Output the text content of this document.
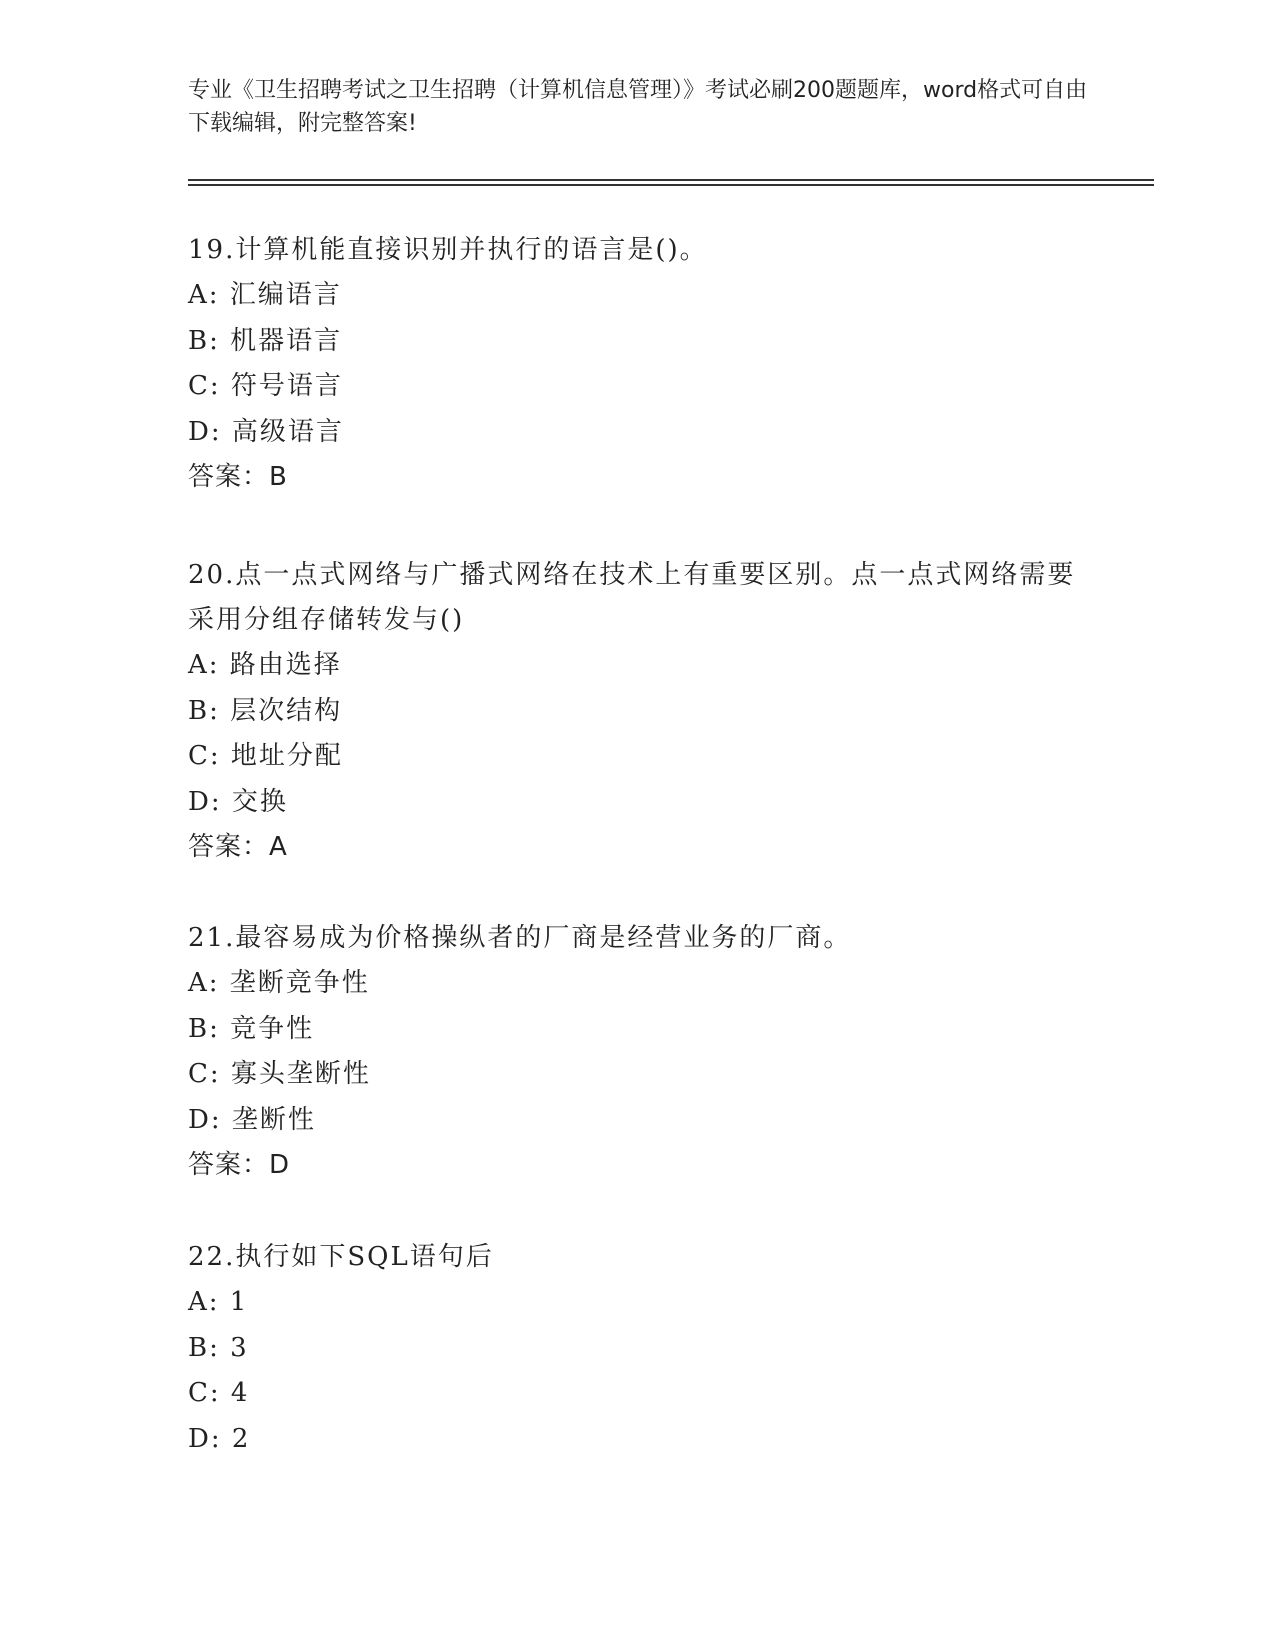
专业《卫生招聘考试之卫生招聘（计算机信息管理）》考试必刷200题题库，word格式可自由下载编辑，附完整答案!
19.计算机能直接识别并执行的语言是()。
A: 汇编语言
B: 机器语言
C: 符号语言
D: 高级语言
答案：B
20.点一点式网络与广播式网络在技术上有重要区别。点一点式网络需要采用分组存储转发与()
A: 路由选择
B: 层次结构
C: 地址分配
D: 交换
答案：A
21.最容易成为价格操纵者的厂商是经营业务的厂商。
A: 垄断竞争性
B: 竞争性
C: 寡头垄断性
D: 垄断性
答案：D
22.执行如下SQL语句后
A: 1
B: 3
C: 4
D: 2
